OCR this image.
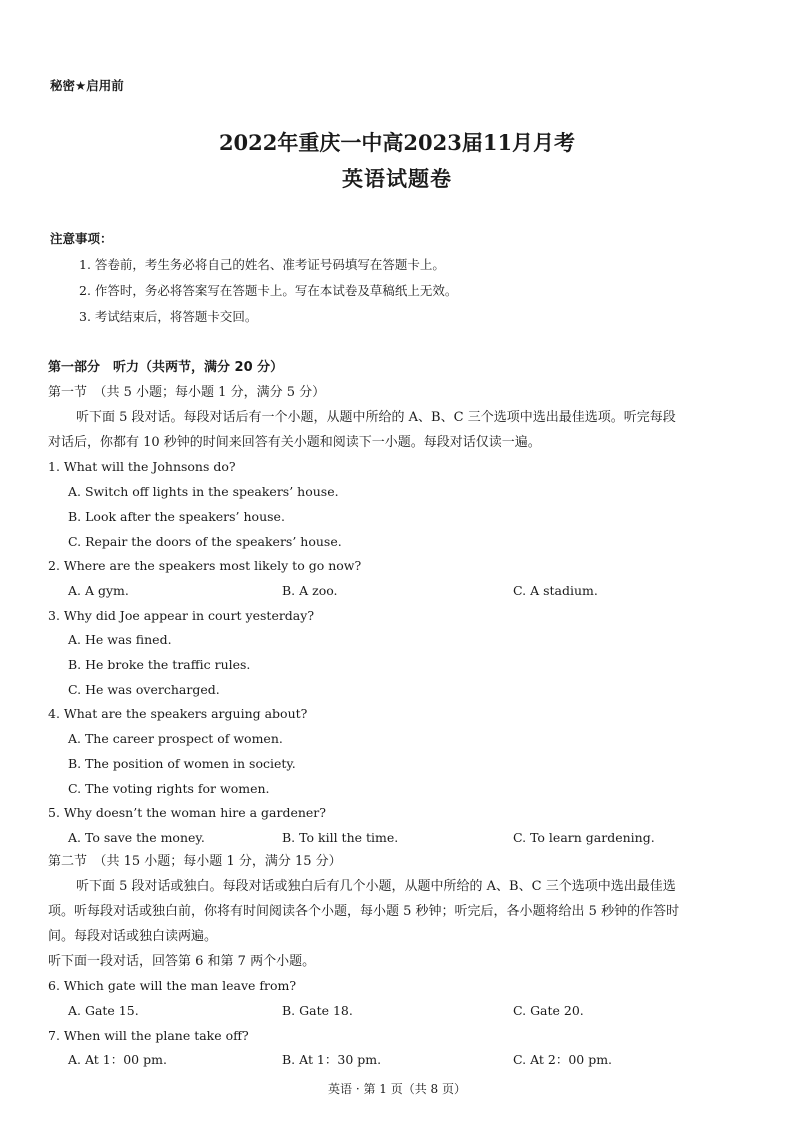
秘密★启用前
2022年重庆一中高2023届11月月考
英语试题卷
注意事项：
1. 答卷前，考生务必将自己的姓名、准考证号码填写在答题卡上。
2. 作答时，务必将答案写在答题卡上。写在本试卷及草稿纸上无效。
3. 考试结束后，将答题卡交回。
第一部分　听力（共两节，满分 20 分）
第一节　（共 5 小题；每小题 1 分，满分 5 分）
听下面 5 段对话。每段对话后有一个小题，从题中所给的 A、B、C 三个选项中选出最佳选项。听完每段
对话后，你都有 10 秒钟的时间来回答有关小题和阅读下一小题。每段对话仅读一遍。
1. What will the Johnsons do?
A. Switch off lights in the speakers’ house.
B. Look after the speakers’ house.
C. Repair the doors of the speakers’ house.
2. Where are the speakers most likely to go now?
A. A gym.	B. A zoo.	C. A stadium.
3. Why did Joe appear in court yesterday?
A. He was fined.
B. He broke the traffic rules.
C. He was overcharged.
4. What are the speakers arguing about?
A. The career prospect of women.
B. The position of women in society.
C. The voting rights for women.
5. Why doesn’t the woman hire a gardener?
A. To save the money.	B. To kill the time.	C. To learn gardening.
第二节　（共 15 小题；每小题 1 分，满分 15 分）
听下面 5 段对话或独白。每段对话或独白后有几个小题，从题中所给的 A、B、C 三个选项中选出最佳选
项。听每段对话或独白前，你将有时间阅读各个小题，每小题 5 秒钟；听完后，各小题将给出 5 秒钟的作答时
间。每段对话或独白读两遍。
听下面一段对话，回答第 6 和第 7 两个小题。
6. Which gate will the man leave from?
A. Gate 15.	B. Gate 18.	C. Gate 20.
7. When will the plane take off?
A. At 1：00 pm.	B. At 1：30 pm.	C. At 2：00 pm.
英语 · 第 1 页（共 8 页）
